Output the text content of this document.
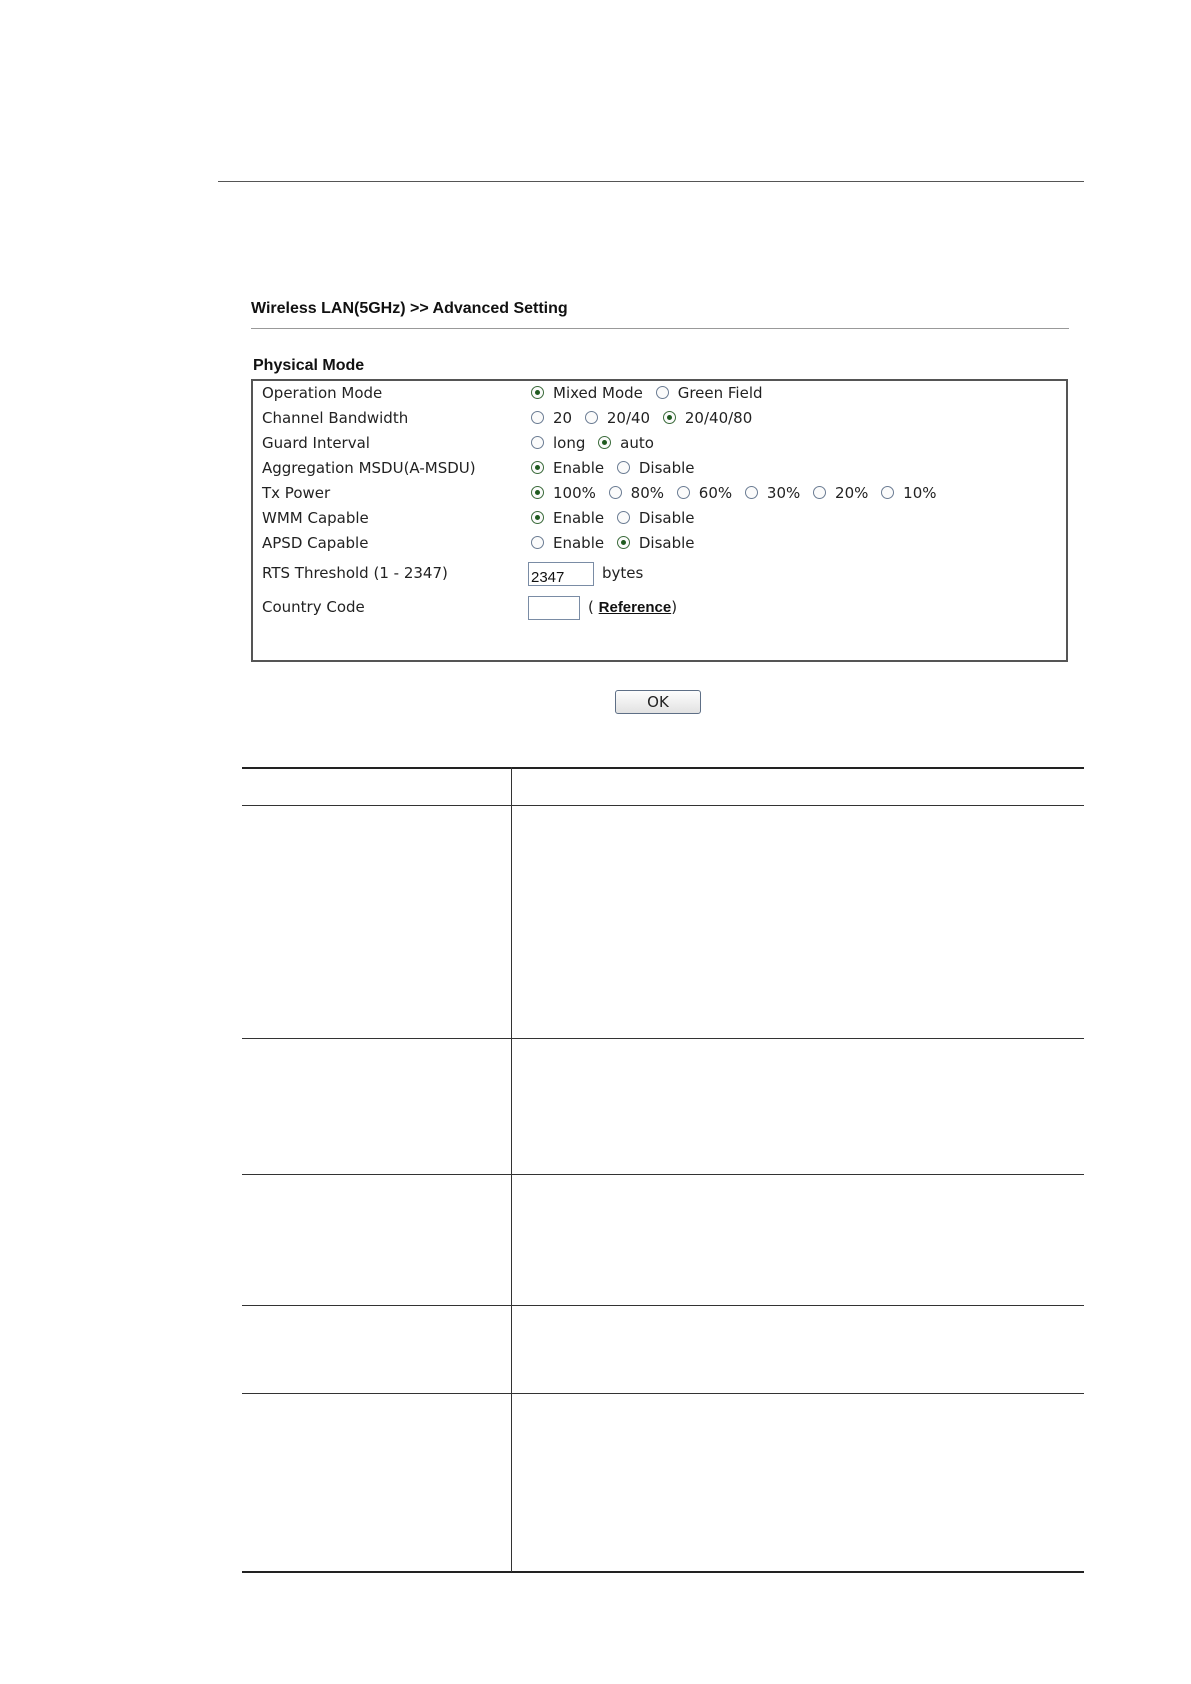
Wireless LAN(5GHz) >> Advanced Setting
Physical Mode
Operation Mode	Mixed Mode Green Field
Channel Bandwidth	20 20/40 20/40/80
Guard Interval	long auto
Aggregation MSDU(A-MSDU)	Enable Disable
Tx Power	100% 80% 60% 30% 20% 10%
WMM Capable	Enable Disable
APSD Capable	Enable Disable
RTS Threshold (1 - 2347)	2347	bytes
Country Code	( Reference)
OK
